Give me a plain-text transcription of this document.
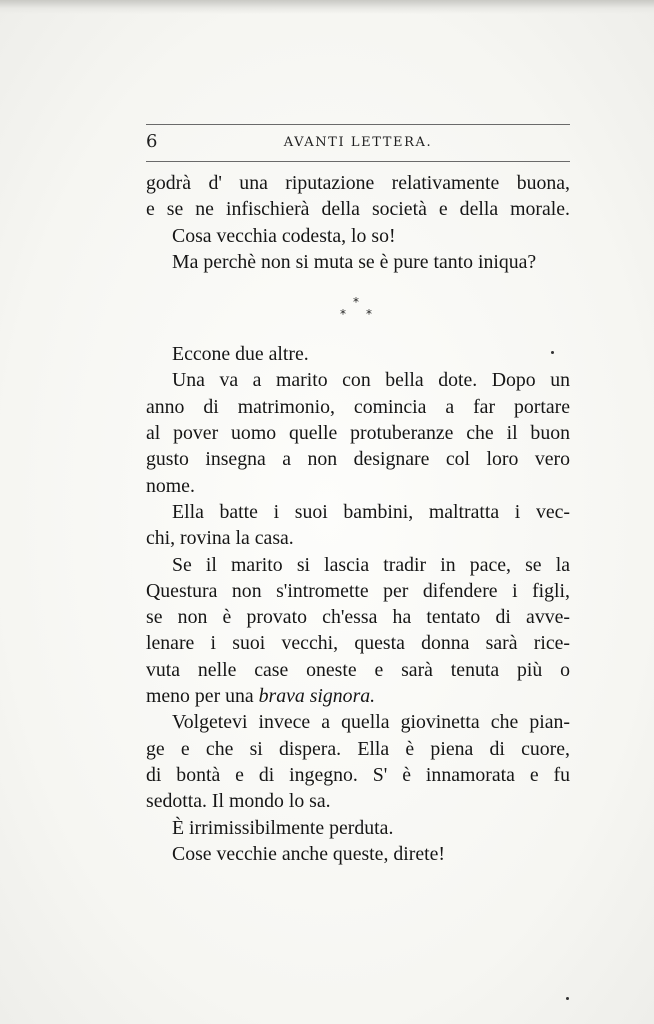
6	AVANTI LETTERA.
godrà d' una riputazione relativamente buona,
e se ne infischierà della società e della morale.
Cosa vecchia codesta, lo so!
Ma perchè non si muta se è pure tanto iniqua?
*
* *
Eccone due altre.
Una va a marito con bella dote. Dopo un
anno di matrimonio, comincia a far portare
al pover uomo quelle protuberanze che il buon
gusto insegna a non designare col loro vero
nome.
Ella batte i suoi bambini, maltratta i vec-
chi, rovina la casa.
Se il marito si lascia tradir in pace, se la
Questura non s'intromette per difendere i figli,
se non è provato ch'essa ha tentato di avve-
lenare i suoi vecchi, questa donna sarà rice-
vuta nelle case oneste e sarà tenuta più o
meno per una brava signora.
Volgetevi invece a quella giovinetta che pian-
ge e che si dispera. Ella è piena di cuore,
di bontà e di ingegno. S' è innamorata e fu
sedotta. Il mondo lo sa.
È irrimissibilmente perduta.
Cose vecchie anche queste, direte!
